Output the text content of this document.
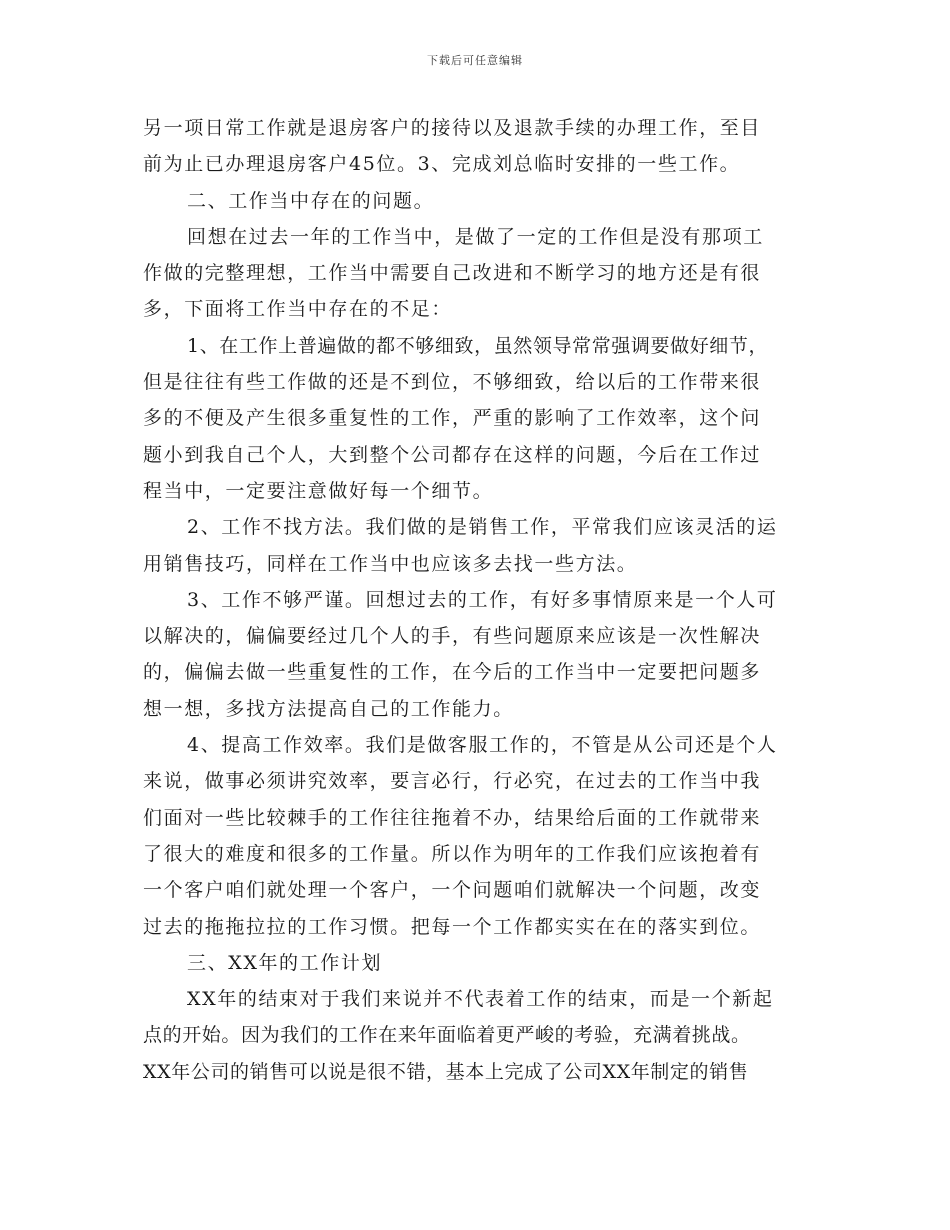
下载后可任意编辑
另一项日常工作就是退房客户的接待以及退款手续的办理工作，至目
前为止已办理退房客户45位。3、完成刘总临时安排的一些工作。
二、工作当中存在的问题。
回想在过去一年的工作当中，是做了一定的工作但是没有那项工
作做的完整理想，工作当中需要自己改进和不断学习的地方还是有很
多，下面将工作当中存在的不足：
1、在工作上普遍做的都不够细致，虽然领导常常强调要做好细节，
但是往往有些工作做的还是不到位，不够细致，给以后的工作带来很
多的不便及产生很多重复性的工作，严重的影响了工作效率，这个问
题小到我自己个人，大到整个公司都存在这样的问题，今后在工作过
程当中，一定要注意做好每一个细节。
2、工作不找方法。我们做的是销售工作，平常我们应该灵活的运
用销售技巧，同样在工作当中也应该多去找一些方法。
3、工作不够严谨。回想过去的工作，有好多事情原来是一个人可
以解决的，偏偏要经过几个人的手，有些问题原来应该是一次性解决
的，偏偏去做一些重复性的工作，在今后的工作当中一定要把问题多
想一想，多找方法提高自己的工作能力。
4、提高工作效率。我们是做客服工作的，不管是从公司还是个人
来说，做事必须讲究效率，要言必行，行必究，在过去的工作当中我
们面对一些比较棘手的工作往往拖着不办，结果给后面的工作就带来
了很大的难度和很多的工作量。所以作为明年的工作我们应该抱着有
一个客户咱们就处理一个客户，一个问题咱们就解决一个问题，改变
过去的拖拖拉拉的工作习惯。把每一个工作都实实在在的落实到位。
三、XX年的工作计划
XX年的结束对于我们来说并不代表着工作的结束，而是一个新起
点的开始。因为我们的工作在来年面临着更严峻的考验，充满着挑战。
XX年公司的销售可以说是很不错，基本上完成了公司XX年制定的销售
